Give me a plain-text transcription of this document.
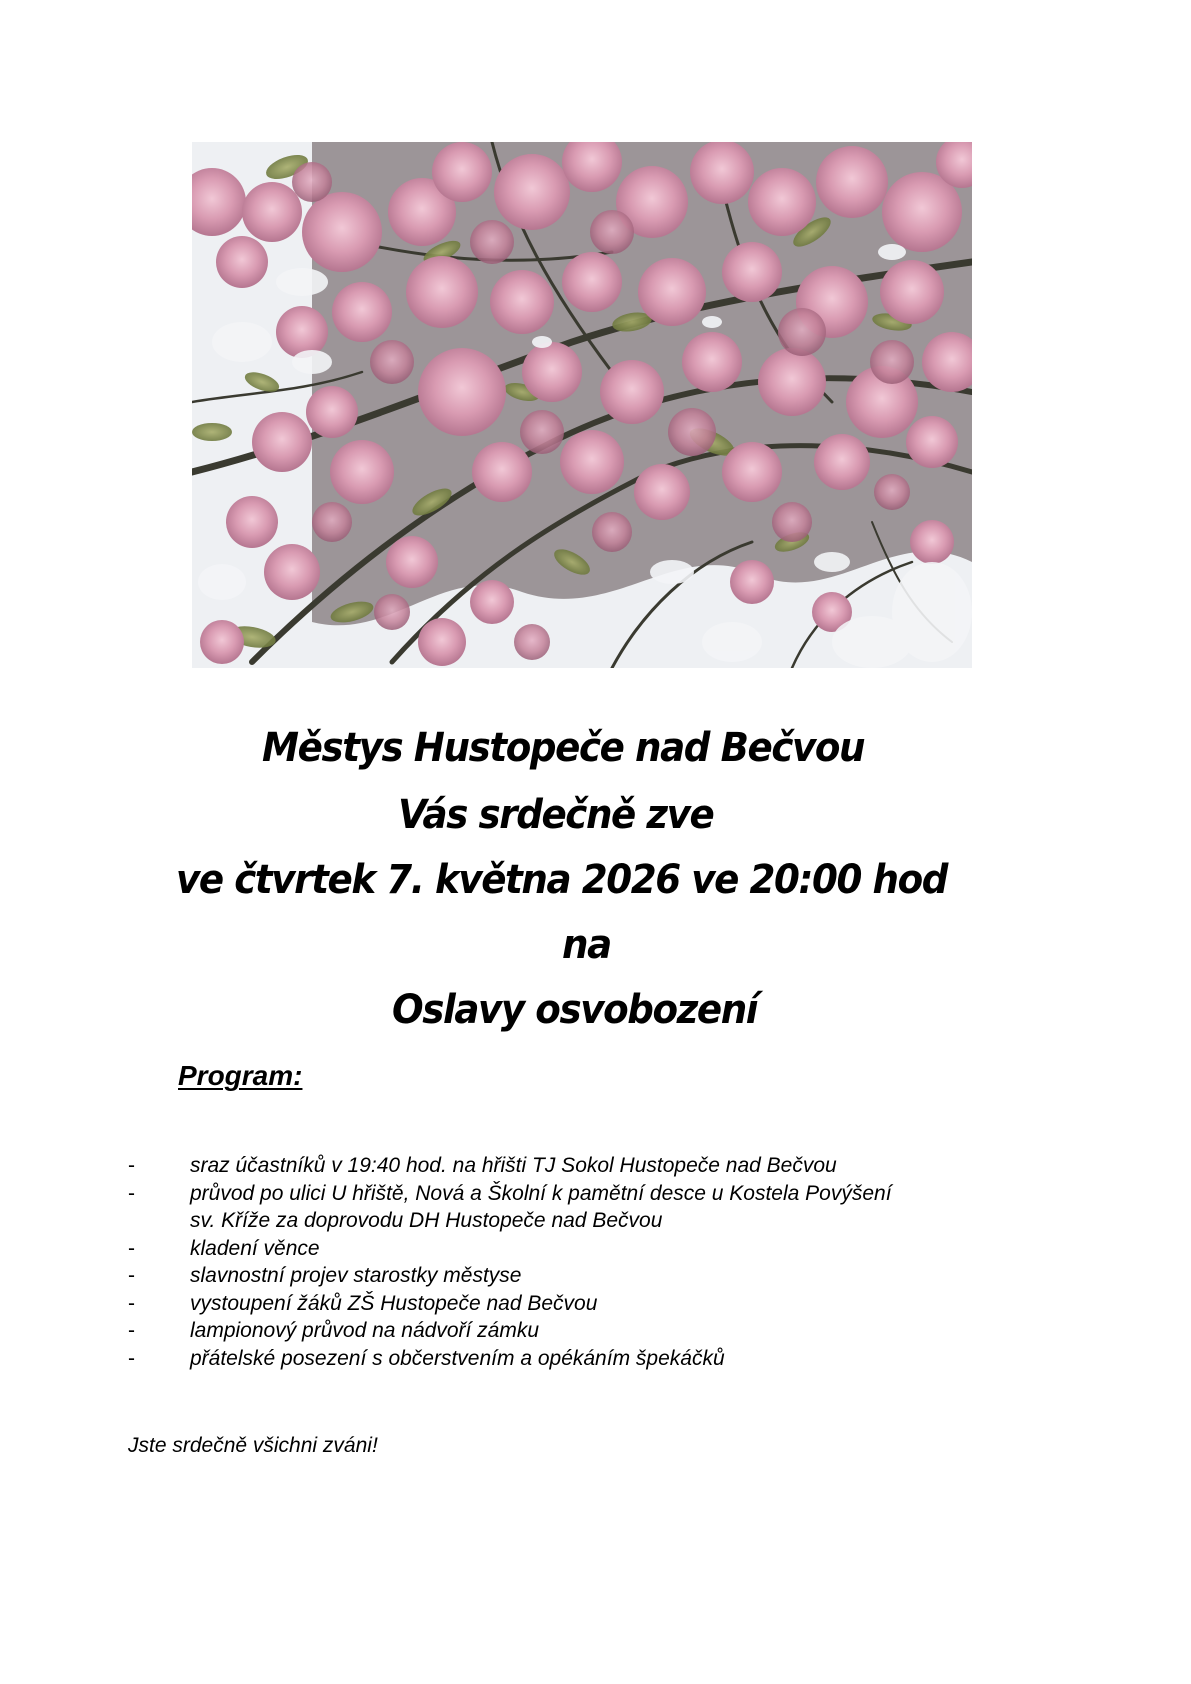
Městys Hustopeče nad Bečvou
Vás srdečně zve
ve čtvrtek 7. května 2026 ve 20:00 hod
na
Oslavy osvobození
Program:
-	sraz účastníků v 19:40 hod. na hřišti TJ Sokol Hustopeče nad Bečvou
-	průvod po ulici U hřiště, Nová a Školní k pamětní desce u Kostela Povýšení
sv. Kříže za doprovodu DH Hustopeče nad Bečvou
-	kladení věnce
-	slavnostní projev starostky městyse
-	vystoupení žáků ZŠ Hustopeče nad Bečvou
-	lampionový průvod na nádvoří zámku
-	přátelské posezení s občerstvením a opékáním špekáčků
Jste srdečně všichni zváni!
